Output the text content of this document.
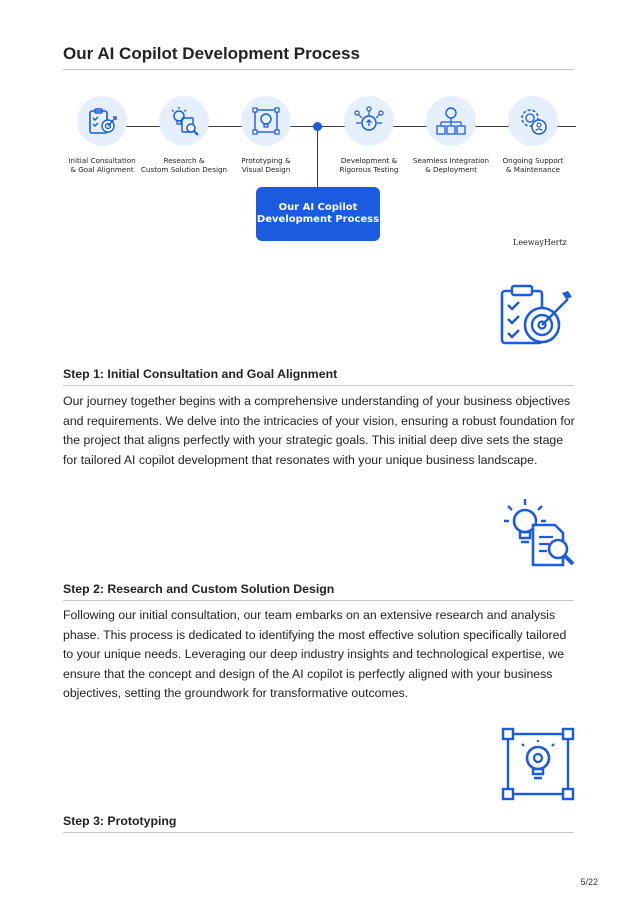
Our AI Copilot Development Process
Initial Consultation
& Goal Alignment
Research &
Custom Solution Design
Prototyping &
Visual Design
Development &
Rigorous Testing
Seamless Integration
& Deployment
Ongoing Support
& Maintenance
Our AI Copilot
Development Process
LeewayHertz
Step 1: Initial Consultation and Goal Alignment

Our journey together begins with a comprehensive understanding of your business objectives and requirements. We delve into the intricacies of your vision, ensuring a robust foundation for the project that aligns perfectly with your strategic goals. This initial deep dive sets the stage for tailored AI copilot development that resonates with your unique business landscape.

Step 2: Research and Custom Solution Design

Following our initial consultation, our team embarks on an extensive research and analysis phase. This process is dedicated to identifying the most effective solution specifically tailored to your unique needs. Leveraging our deep industry insights and technological expertise, we ensure that the concept and design of the AI copilot is perfectly aligned with your business objectives, setting the groundwork for transformative outcomes.

Step 3: Prototyping
5/22
